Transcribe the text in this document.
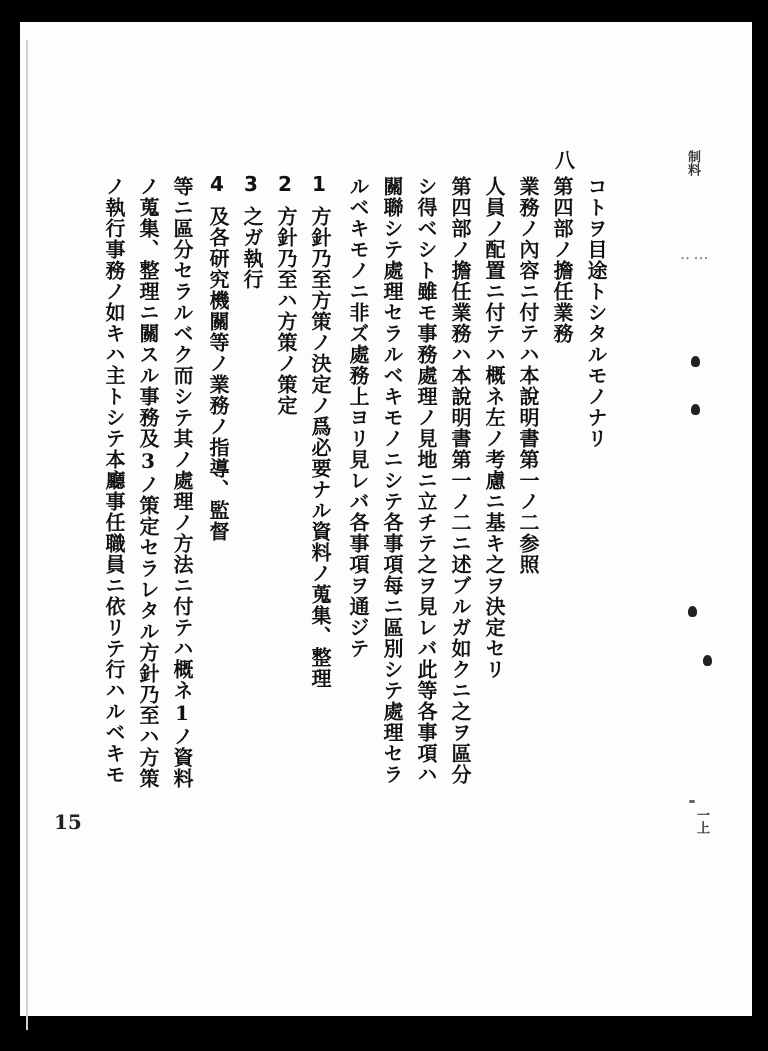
八
コトヲ目途トシタルモノナリ
第四部ノ擔任業務
業務ノ內容ニ付テハ本說明書第一ノ二参照
人員ノ配置ニ付テハ概ネ左ノ考慮ニ基キ之ヲ決定セリ
第四部ノ擔任業務ハ本說明書第一ノ二ニ述ブルガ如クニ之ヲ區分
シ得ベシト雖モ事務處理ノ見地ニ立チテ之ヲ見レバ此等各事項ハ
關聯シテ處理セラルベキモノニシテ各事項每ニ區別シテ處理セラ
ルベキモノニ非ズ處務上ヨリ見レバ各事項ヲ通ジテ
1
方針乃至方策ノ決定ノ爲必要ナル資料ノ蒐集、整理
2
方針乃至ハ方策ノ策定
3
之ガ執行
4
及各研究機關等ノ業務ノ指導、監督
等ニ區分セラルベク而シテ其ノ處理ノ方法ニ付テハ概ネ1ノ資料
ノ蒐集、整理ニ關スル事務及3ノ策定セラレタル方針乃至ハ方策
ノ執行事務ノ如キハ主トシテ本廳事任職員ニ依リテ行ハルベキモ
15
制料
･･ ･･･
一上
